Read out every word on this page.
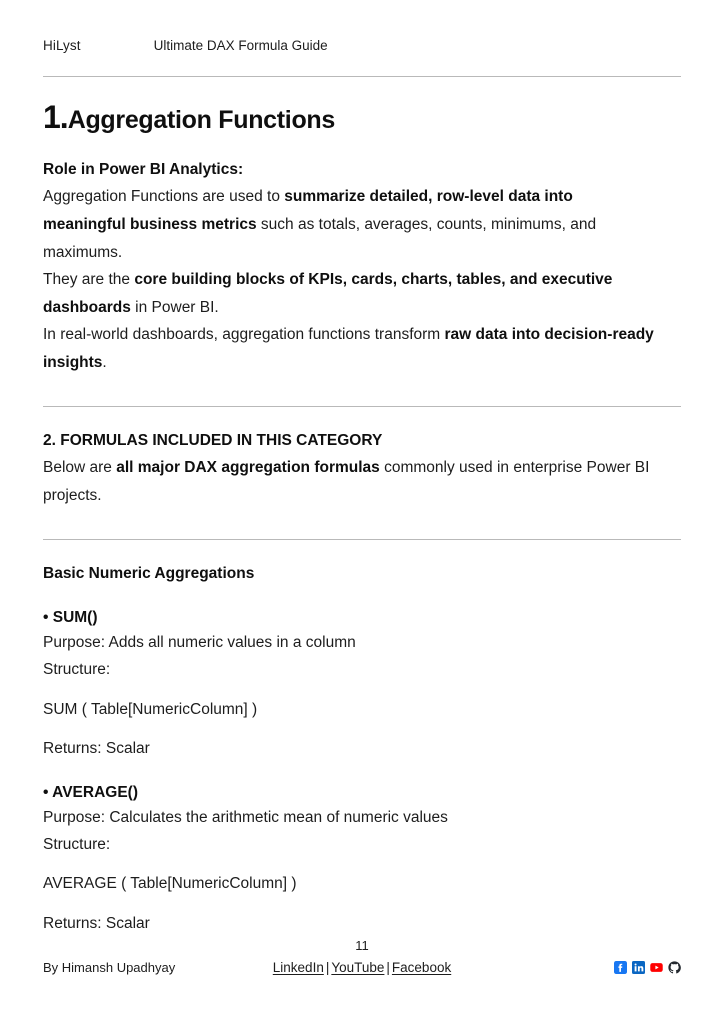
HiLyst	Ultimate DAX Formula Guide
1.Aggregation Functions
Role in Power BI Analytics:

Aggregation Functions are used to summarize detailed, row-level data into meaningful business metrics such as totals, averages, counts, minimums, and maximums.

They are the core building blocks of KPIs, cards, charts, tables, and executive dashboards in Power BI.

In real-world dashboards, aggregation functions transform raw data into decision-ready insights.

2. FORMULAS INCLUDED IN THIS CATEGORY

Below are all major DAX aggregation formulas commonly used in enterprise Power BI projects.

Basic Numeric Aggregations

• SUM()

Purpose: Adds all numeric values in a column

Structure:

SUM ( Table[NumericColumn] )

Returns: Scalar

• AVERAGE()

Purpose: Calculates the arithmetic mean of numeric values

Structure:

AVERAGE ( Table[NumericColumn] )

Returns: Scalar

11
By Himansh Upadhyay	LinkedIn | YouTube | Facebook
